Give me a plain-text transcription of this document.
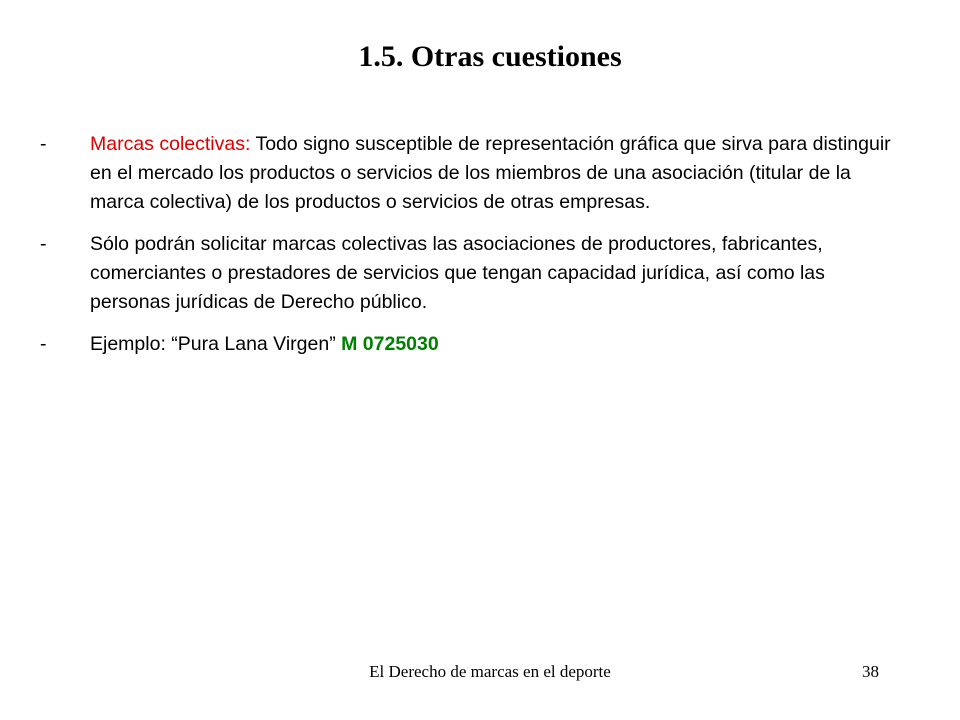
1.5. Otras cuestiones
- Marcas colectivas: Todo signo susceptible de representación gráfica que sirva para distinguir en el mercado los productos o servicios de los miembros de una asociación (titular de la marca colectiva) de los productos o servicios de otras empresas.
- Sólo podrán solicitar marcas colectivas las asociaciones de productores, fabricantes, comerciantes o prestadores de servicios que tengan capacidad jurídica, así como las personas jurídicas de Derecho público.
- Ejemplo: “Pura Lana Virgen” M 0725030
El Derecho de marcas en el deporte	38
